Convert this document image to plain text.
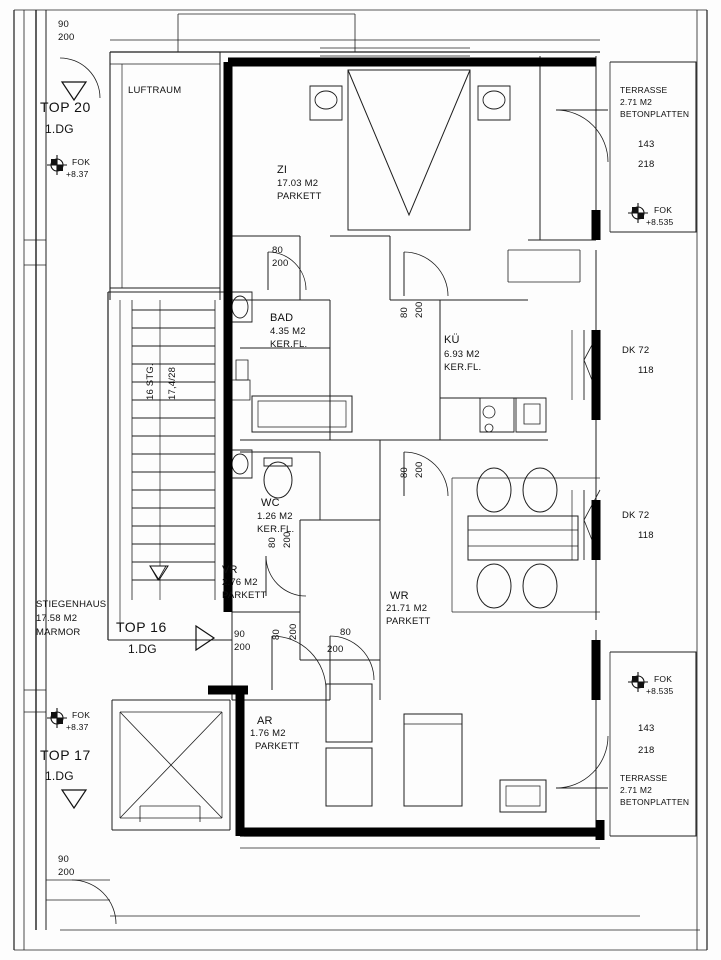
90
200
TOP 20
1.DG
FOK
+8.37
LUFTRAUM
ZI
17.03 M2
PARKETT
80
200
BAD
4.35 M2
KER.FL.	KÜ
6.93 M2
KER.FL.
80 200
80 200
WC
1.26 M2
KER.FL.
80 200
VR
2.76 M2
PARKETT	WR
21.71 M2
PARKETT
AR
1.76 M2
PARKETT
90
200
80 200	80
200
90
200
16 STG. 17,4/28
STIEGENHAUS
17.58 M2
MARMOR	TOP 16
1.DG
FOK
+8.37
TOP 17
1.DG
TERRASSE
2.71 M2
BETONPLATTEN
143
218
FOK
+8.535
DK 72
118
DK 72
118
FOK
+8.535
143
218
TERRASSE
2.71 M2
BETONPLATTEN
